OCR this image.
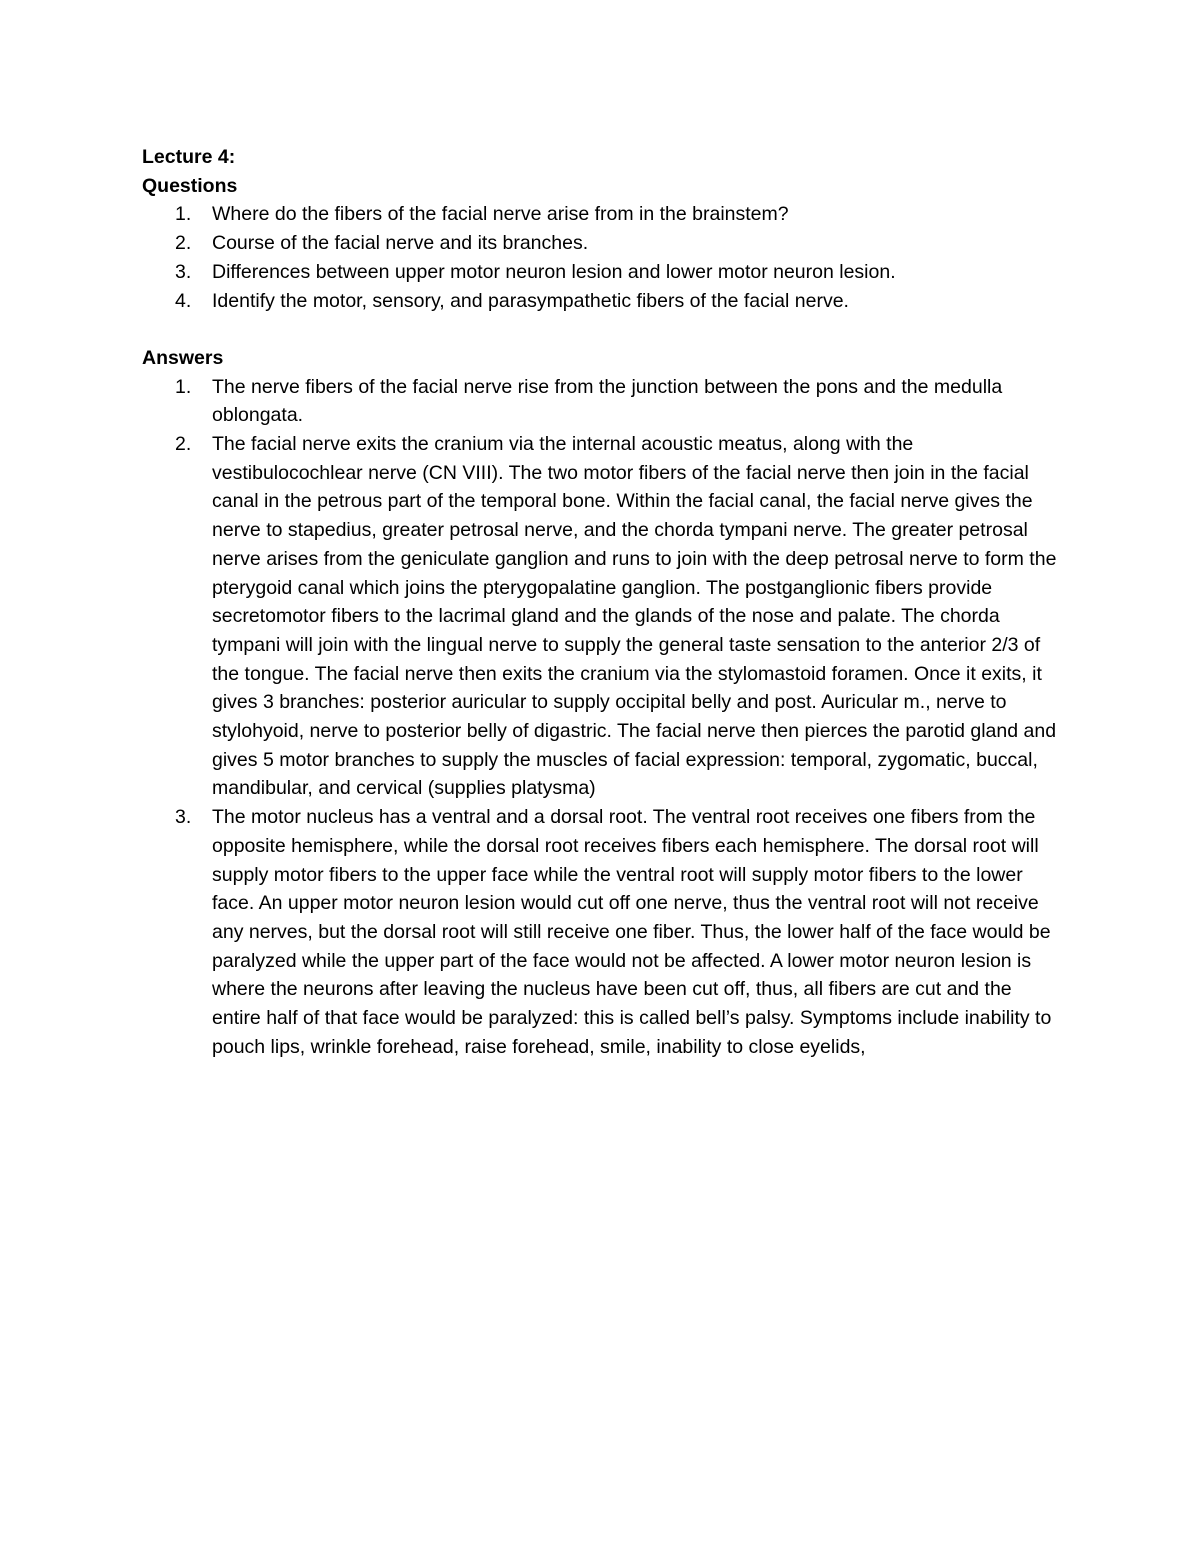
Lecture 4:

Questions

1. Where do the fibers of the facial nerve arise from in the brainstem?
2. Course of the facial nerve and its branches.
3. Differences between upper motor neuron lesion and lower motor neuron lesion.
4. Identify the motor, sensory, and parasympathetic fibers of the facial nerve.

Answers

1. The nerve fibers of the facial nerve rise from the junction between the pons and the medulla oblongata.
2. The facial nerve exits the cranium via the internal acoustic meatus, along with the vestibulocochlear nerve (CN VIII). The two motor fibers of the facial nerve then join in the facial canal in the petrous part of the temporal bone. Within the facial canal, the facial nerve gives the nerve to stapedius, greater petrosal nerve, and the chorda tympani nerve. The greater petrosal nerve arises from the geniculate ganglion and runs to join with the deep petrosal nerve to form the pterygoid canal which joins the pterygopalatine ganglion. The postganglionic fibers provide secretomotor fibers to the lacrimal gland and the glands of the nose and palate. The chorda tympani will join with the lingual nerve to supply the general taste sensation to the anterior 2/3 of the tongue. The facial nerve then exits the cranium via the stylomastoid foramen. Once it exits, it gives 3 branches: posterior auricular to supply occipital belly and post. Auricular m., nerve to stylohyoid, nerve to posterior belly of digastric. The facial nerve then pierces the parotid gland and gives 5 motor branches to supply the muscles of facial expression: temporal, zygomatic, buccal, mandibular, and cervical (supplies platysma)
3. The motor nucleus has a ventral and a dorsal root. The ventral root receives one fibers from the opposite hemisphere, while the dorsal root receives fibers each hemisphere. The dorsal root will supply motor fibers to the upper face while the ventral root will supply motor fibers to the lower face. An upper motor neuron lesion would cut off one nerve, thus the ventral root will not receive any nerves, but the dorsal root will still receive one fiber. Thus, the lower half of the face would be paralyzed while the upper part of the face would not be affected. A lower motor neuron lesion is where the neurons after leaving the nucleus have been cut off, thus, all fibers are cut and the entire half of that face would be paralyzed: this is called bell’s palsy. Symptoms include inability to pouch lips, wrinkle forehead, raise forehead, smile, inability to close eyelids,
